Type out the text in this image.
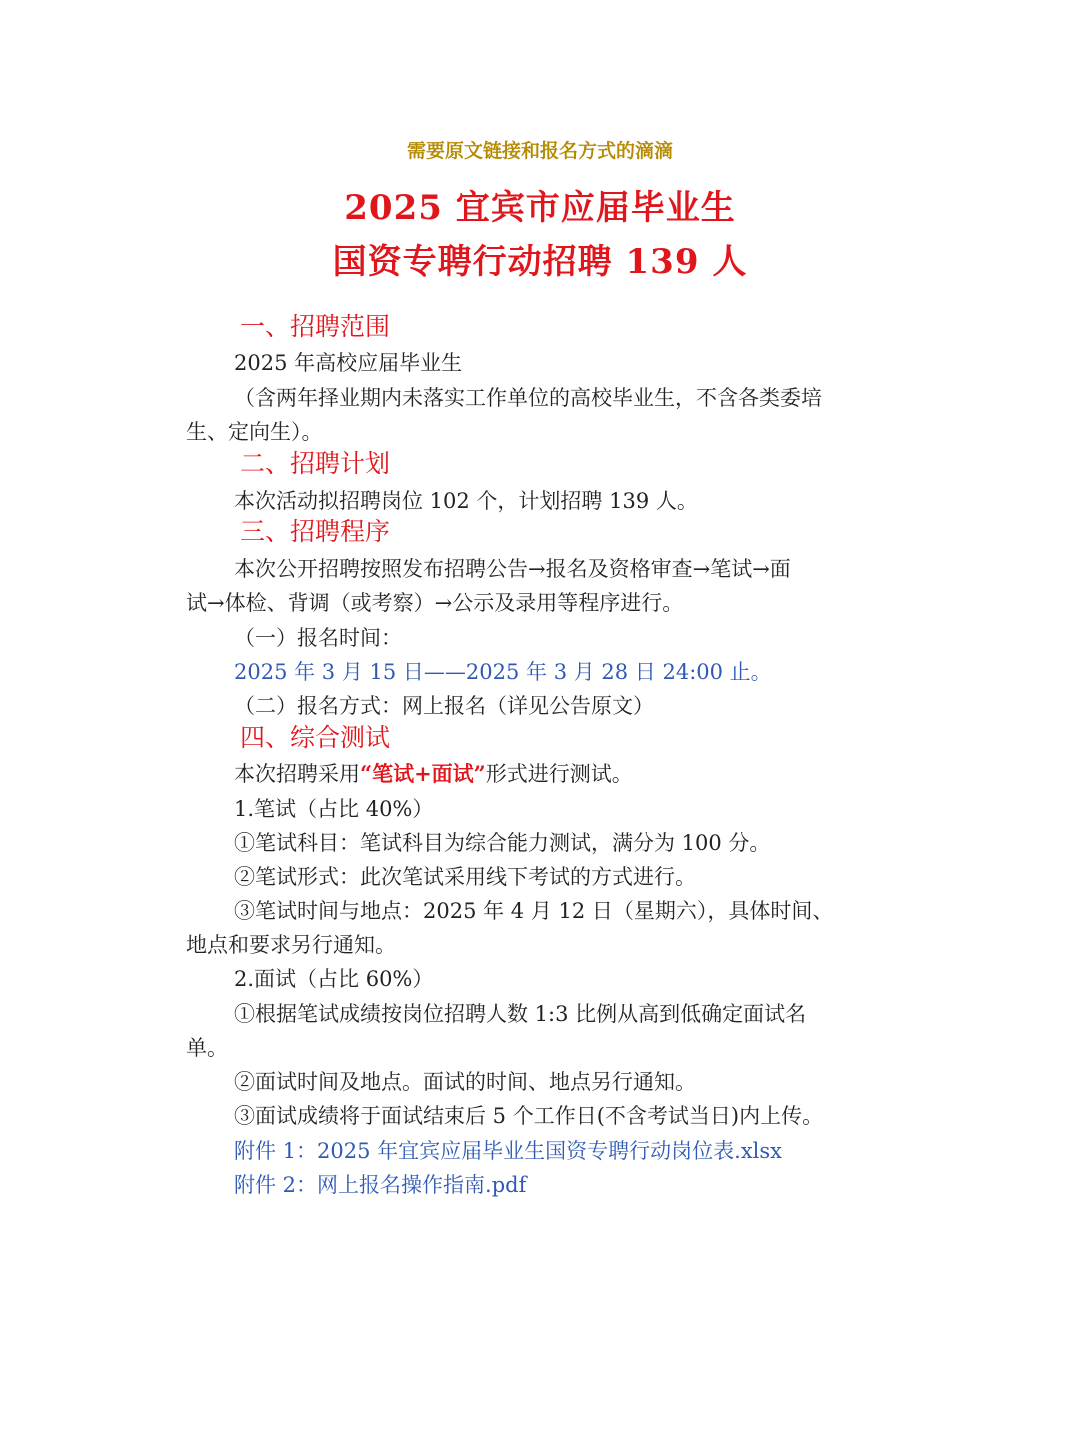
需要原文链接和报名方式的滴滴
2025 宜宾市应届毕业生
国资专聘行动招聘 139 人
一、招聘范围
2025 年高校应届毕业生
（含两年择业期内未落实工作单位的高校毕业生，不含各类委培
生、定向生）。
二、招聘计划
本次活动拟招聘岗位 102 个，计划招聘 139 人。
三、招聘程序
本次公开招聘按照发布招聘公告→报名及资格审查→笔试→面
试→体检、背调（或考察）→公示及录用等程序进行。
（一）报名时间：
2025 年 3 月 15 日——2025 年 3 月 28 日 24:00 止。
（二）报名方式：网上报名（详见公告原文）
四、综合测试
本次招聘采用“笔试+面试”形式进行测试。
1.笔试（占比 40%）
①笔试科目：笔试科目为综合能力测试，满分为 100 分。
②笔试形式：此次笔试采用线下考试的方式进行。
③笔试时间与地点：2025 年 4 月 12 日（星期六），具体时间、
地点和要求另行通知。
2.面试（占比 60%）
①根据笔试成绩按岗位招聘人数 1:3 比例从高到低确定面试名
单。
②面试时间及地点。面试的时间、地点另行通知。
③面试成绩将于面试结束后 5 个工作日(不含考试当日)内上传。
附件 1：2025 年宜宾应届毕业生国资专聘行动岗位表.xlsx
附件 2：网上报名操作指南.pdf
